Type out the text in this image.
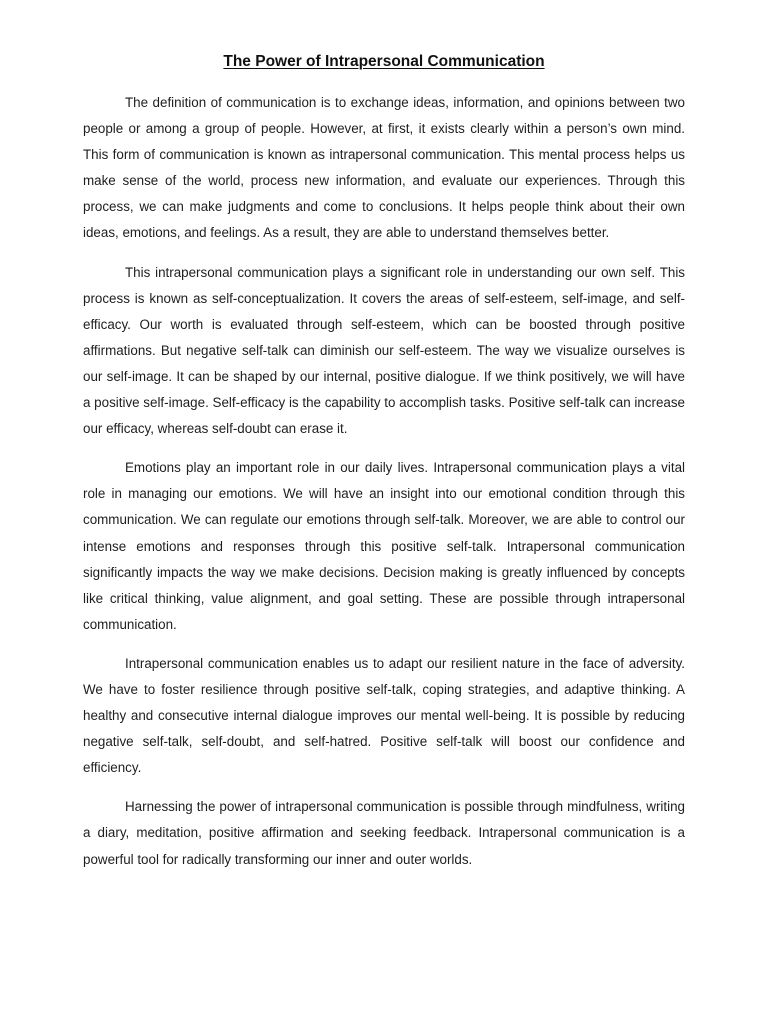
The Power of Intrapersonal Communication

The definition of communication is to exchange ideas, information, and opinions between two people or among a group of people. However, at first, it exists clearly within a person’s own mind. This form of communication is known as intrapersonal communication. This mental process helps us make sense of the world, process new information, and evaluate our experiences. Through this process, we can make judgments and come to conclusions. It helps people think about their own ideas, emotions, and feelings. As a result, they are able to understand themselves better.

This intrapersonal communication plays a significant role in understanding our own self. This process is known as self-conceptualization. It covers the areas of self-esteem, self-image, and self-efficacy. Our worth is evaluated through self-esteem, which can be boosted through positive affirmations. But negative self-talk can diminish our self-esteem. The way we visualize ourselves is our self-image. It can be shaped by our internal, positive dialogue. If we think positively, we will have a positive self-image. Self-efficacy is the capability to accomplish tasks. Positive self-talk can increase our efficacy, whereas self-doubt can erase it.

Emotions play an important role in our daily lives. Intrapersonal communication plays a vital role in managing our emotions. We will have an insight into our emotional condition through this communication. We can regulate our emotions through self-talk. Moreover, we are able to control our intense emotions and responses through this positive self-talk. Intrapersonal communication significantly impacts the way we make decisions. Decision making is greatly influenced by concepts like critical thinking, value alignment, and goal setting. These are possible through intrapersonal communication.

Intrapersonal communication enables us to adapt our resilient nature in the face of adversity. We have to foster resilience through positive self-talk, coping strategies, and adaptive thinking. A healthy and consecutive internal dialogue improves our mental well-being. It is possible by reducing negative self-talk, self-doubt, and self-hatred. Positive self-talk will boost our confidence and efficiency.

Harnessing the power of intrapersonal communication is possible through mindfulness, writing a diary, meditation, positive affirmation and seeking feedback. Intrapersonal communication is a powerful tool for radically transforming our inner and outer worlds.
